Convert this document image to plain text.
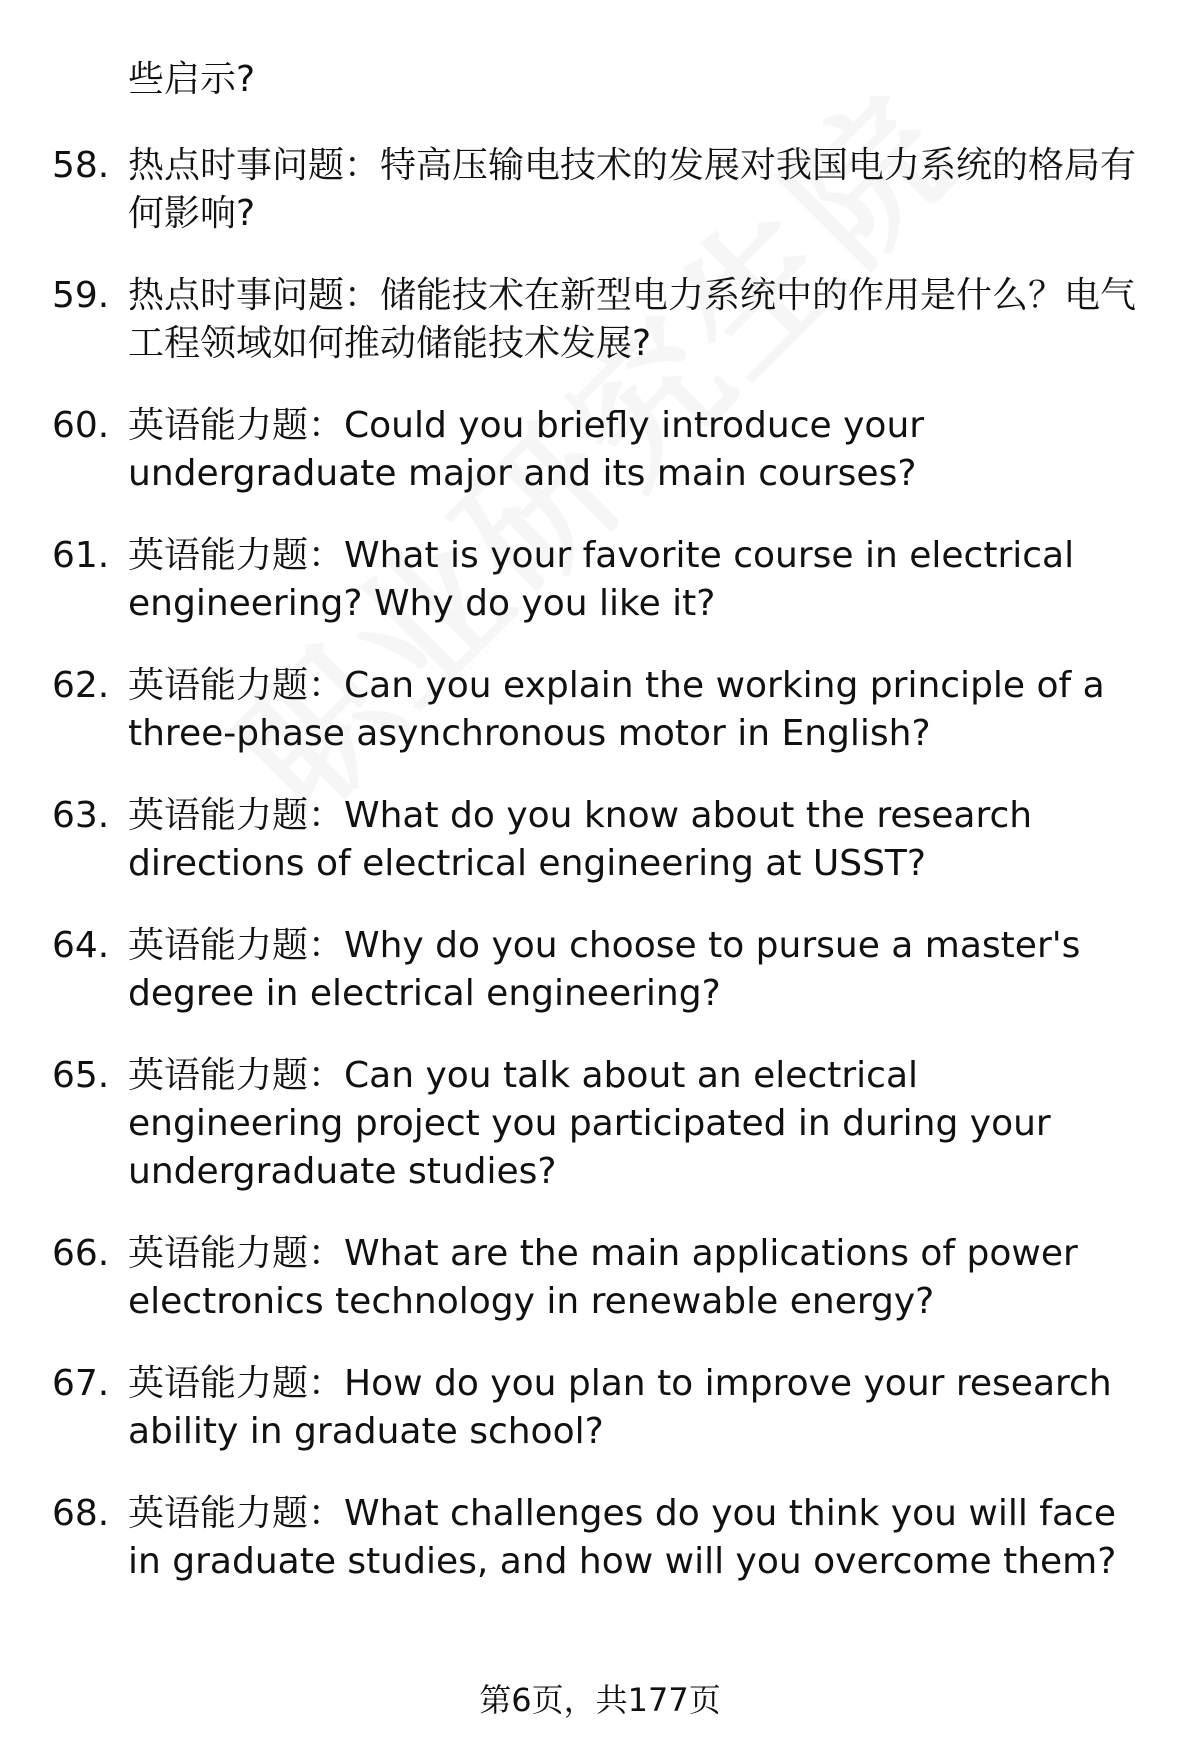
些启示?
58. 热点时事问题：特高压输电技术的发展对我国电力系统的格局有何影响?
59. 热点时事问题：储能技术在新型电力系统中的作用是什么？电气工程领域如何推动储能技术发展?
60. 英语能力题：Could you briefly introduce your undergraduate major and its main courses?
61. 英语能力题：What is your favorite course in electrical engineering? Why do you like it?
62. 英语能力题：Can you explain the working principle of a three-phase asynchronous motor in English?
63. 英语能力题：What do you know about the research directions of electrical engineering at USST?
64. 英语能力题：Why do you choose to pursue a master's degree in electrical engineering?
65. 英语能力题：Can you talk about an electrical engineering project you participated in during your undergraduate studies?
66. 英语能力题：What are the main applications of power electronics technology in renewable energy?
67. 英语能力题：How do you plan to improve your research ability in graduate school?
68. 英语能力题：What challenges do you think you will face in graduate studies, and how will you overcome them?
第6页，共177页
